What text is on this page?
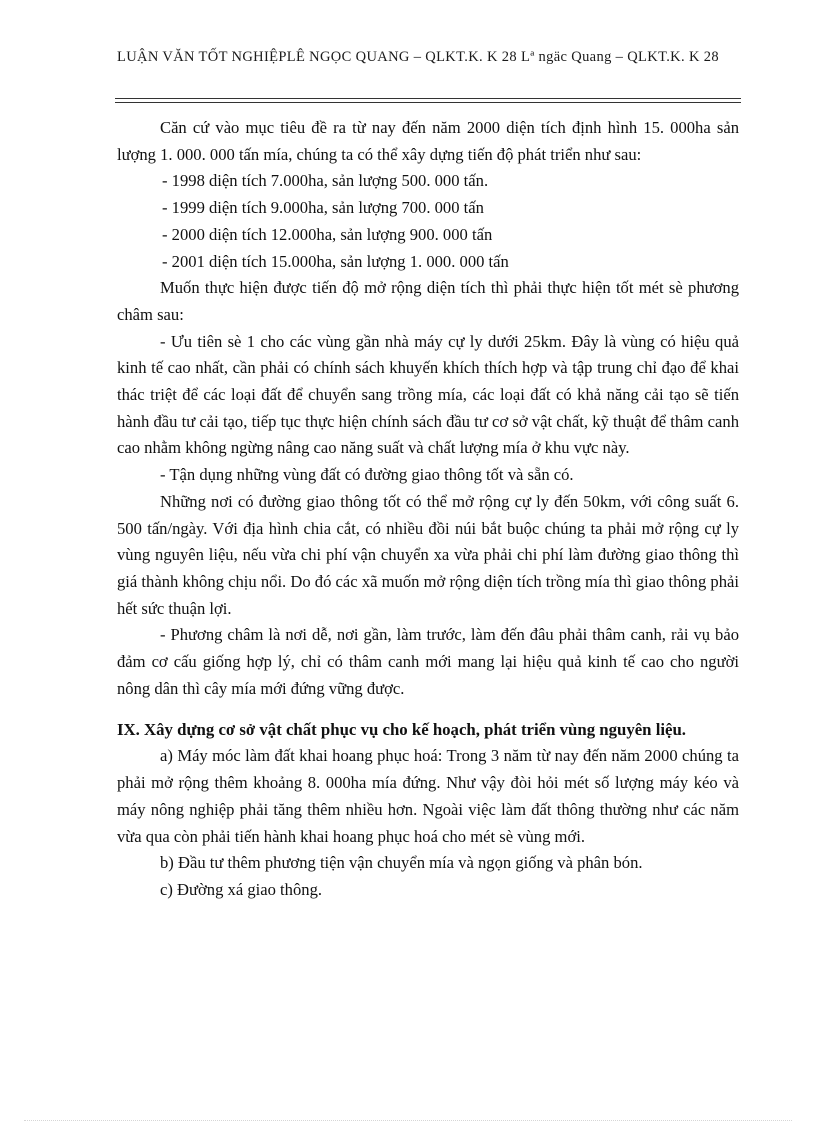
LUẬN VĂN TỐT NGHIỆPLÊ NGỌC QUANG – QLKT.K. K 28 Lª ngäc Quang – QLKT.K. K 28

Căn cứ vào mục tiêu đề ra từ nay đến năm 2000 diện tích định hình 15. 000ha sản lượng 1. 000. 000 tấn mía, chúng ta có thể xây dựng tiến độ phát triển như sau:

- 1998 diện tích 7.000ha, sản lượng 500. 000 tấn.

- 1999 diện tích 9.000ha, sản lượng 700. 000 tấn

- 2000 diện tích 12.000ha, sản lượng 900. 000 tấn

- 2001 diện tích 15.000ha, sản lượng 1. 000. 000 tấn

Muốn thực hiện được tiến độ mở rộng diện tích thì phải thực hiện tốt mét sè phương châm sau:

- Ưu tiên sè 1 cho các vùng gần nhà máy cự ly dưới 25km. Đây là vùng có hiệu quả kinh tế cao nhất, cần phải có chính sách khuyến khích thích hợp và tập trung chỉ đạo để khai thác triệt để các loại đất để chuyển sang trồng mía, các loại đất có khả năng cải tạo sẽ tiến hành đầu tư cải tạo, tiếp tục thực hiện chính sách đầu tư cơ sở vật chất, kỹ thuật để thâm canh cao nhằm không ngừng nâng cao năng suất và chất lượng mía ở khu vực này.

- Tận dụng những vùng đất có đường giao thông tốt và sẵn có.

Những nơi có đường giao thông tốt có thể mở rộng cự ly đến 50km, với công suất 6. 500 tấn/ngày. Với địa hình chia cắt, có nhiều đồi núi bắt buộc chúng ta phải mở rộng cự ly vùng nguyên liệu, nếu vừa chi phí vận chuyển xa vừa phải chi phí làm đường giao thông thì giá thành không chịu nổi. Do đó các xã muốn mở rộng diện tích trồng mía thì giao thông phải hết sức thuận lợi.

- Phương châm là nơi dễ, nơi gần, làm trước, làm đến đâu phải thâm canh, rải vụ bảo đảm cơ cấu giống hợp lý, chỉ có thâm canh mới mang lại hiệu quả kinh tế cao cho người nông dân thì cây mía mới đứng vững được.

IX. Xây dựng cơ sở vật chất phục vụ cho kế hoạch, phát triển vùng nguyên liệu.

a) Máy móc làm đất khai hoang phục hoá: Trong 3 năm từ nay đến năm 2000 chúng ta phải mở rộng thêm khoảng 8. 000ha mía đứng. Như vậy đòi hỏi mét số lượng máy kéo và máy nông nghiệp phải tăng thêm nhiều hơn. Ngoài việc làm đất thông thường như các năm vừa qua còn phải tiến hành khai hoang phục hoá cho mét sè vùng mới.

b) Đầu tư thêm phương tiện vận chuyển mía và ngọn giống và phân bón.

c) Đường xá giao thông.
